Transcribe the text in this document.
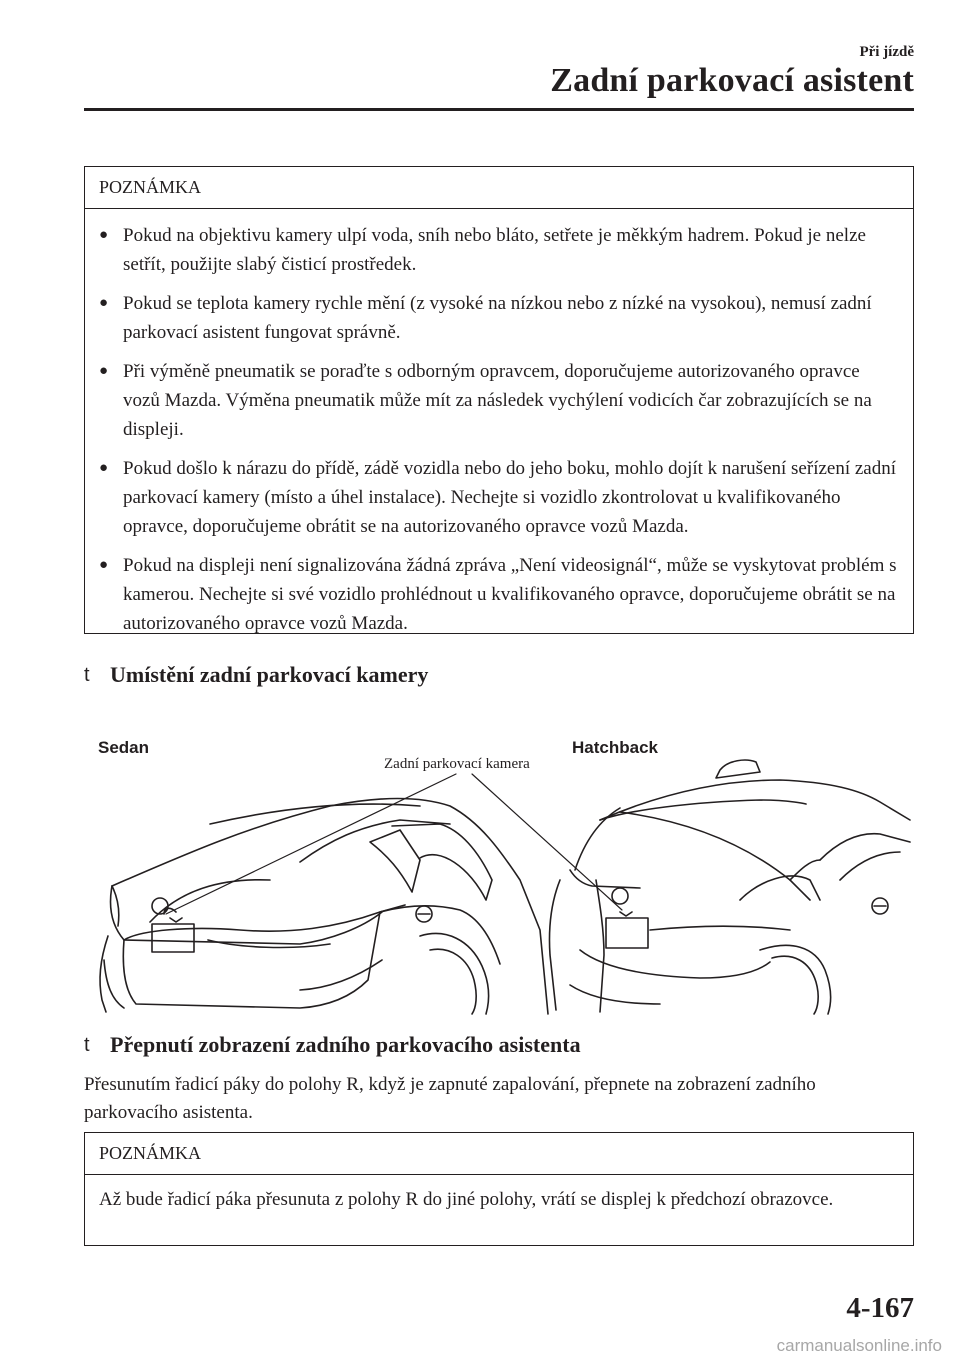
Při jízdě
Zadní parkovací asistent
POZNÁMKA
● Pokud na objektivu kamery ulpí voda, sníh nebo bláto, setřete je měkkým hadrem. Pokud je nelze setřít, použijte slabý čisticí prostředek.
● Pokud se teplota kamery rychle mění (z vysoké na nízkou nebo z nízké na vysokou), nemusí zadní parkovací asistent fungovat správně.
● Při výměně pneumatik se poraďte s odborným opravcem, doporučujeme autorizovaného opravce vozů Mazda. Výměna pneumatik může mít za následek vychýlení vodicích čar zobrazujících se na displeji.
● Pokud došlo k nárazu do přídě, zádě vozidla nebo do jeho boku, mohlo dojít k narušení seřízení zadní parkovací kamery (místo a úhel instalace). Nechejte si vozidlo zkontrolovat u kvalifikovaného opravce, doporučujeme obrátit se na autorizovaného opravce vozů Mazda.
● Pokud na displeji není signalizována žádná zpráva „Není videosignál“, může se vyskytovat problém s kamerou. Nechejte si své vozidlo prohlédnout u kvalifikovaného opravce, doporučujeme obrátit se na autorizovaného opravce vozů Mazda.
t Umístění zadní parkovací kamery
Sedan	Hatchback
Zadní parkovací kamera
t Přepnutí zobrazení zadního parkovacího asistenta
Přesunutím řadicí páky do polohy R, když je zapnuté zapalování, přepnete na zobrazení zadního parkovacího asistenta.
POZNÁMKA
Až bude řadicí páka přesunuta z polohy R do jiné polohy, vrátí se displej k předchozí obrazovce.
4-167
carmanualsonline.info
